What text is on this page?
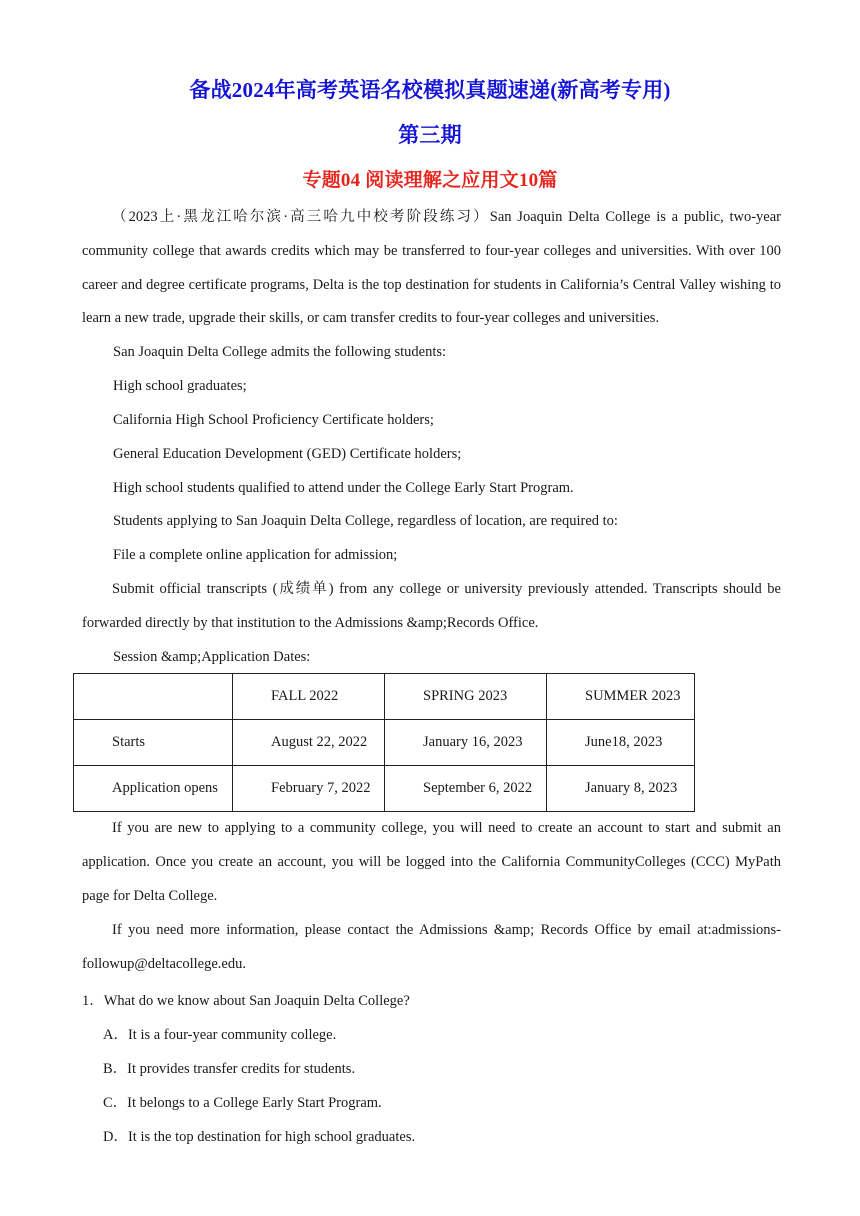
备战2024年高考英语名校模拟真题速递(新高考专用)
第三期
专题04 阅读理解之应用文10篇
（2023上·黑龙江哈尔滨·高三哈九中校考阶段练习）San Joaquin Delta College is a public, two-year community college that awards credits which may be transferred to four-year colleges and universities. With over 100 career and degree certificate programs, Delta is the top destination for students in California’s Central Valley wishing to learn a new trade, upgrade their skills, or cam transfer credits to four-year colleges and universities.
San Joaquin Delta College admits the following students:
High school graduates;
California High School Proficiency Certificate holders;
General Education Development (GED) Certificate holders;
High school students qualified to attend under the College Early Start Program.
Students applying to San Joaquin Delta College, regardless of location, are required to:
File a complete online application for admission;
Submit official transcripts (成绩单) from any college or university previously attended. Transcripts should be forwarded directly by that institution to the Admissions &amp;Records Office.
Session &amp;Application Dates:

	FALL 2022	SPRING 2023	SUMMER 2023

Starts	August 22, 2022	January 16, 2023	June18, 2023

Application opens	February 7, 2022	September 6, 2022	January 8, 2023
If you are new to applying to a community college, you will need to create an account to start and submit an application. Once you create an account, you will be logged into the California CommunityColleges (CCC) MyPath page for Delta College.
If you need more information, please contact the Admissions &amp; Records Office by email at:admissions-followup@deltacollege.edu.
1．What do we know about San Joaquin Delta College?
A．It is a four-year community college.
B．It provides transfer credits for students.
C．It belongs to a College Early Start Program.
D．It is the top destination for high school graduates.
